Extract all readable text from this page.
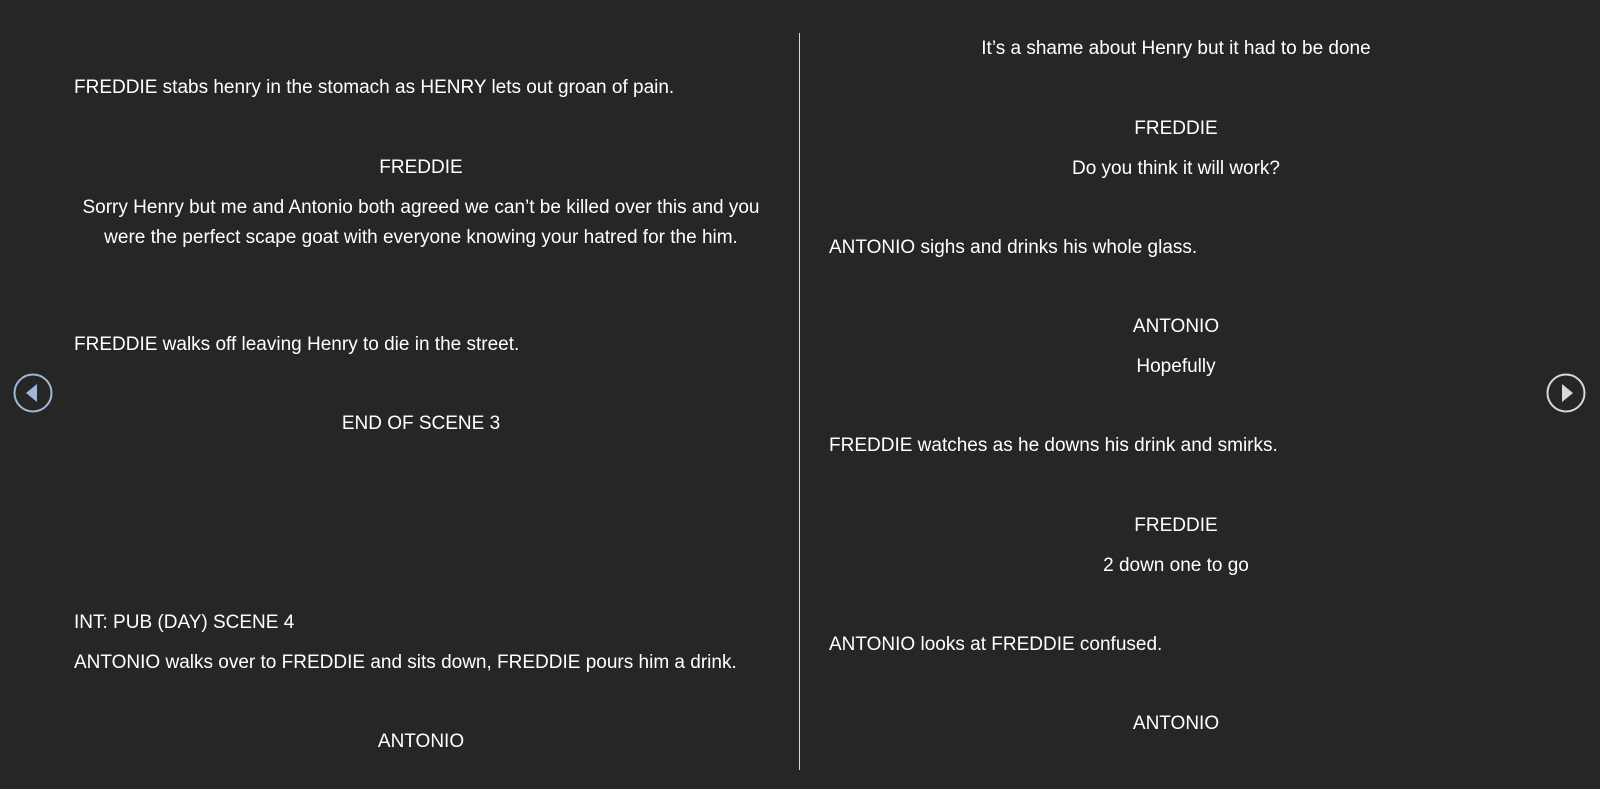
FREDDIE stabs henry in the stomach as HENRY lets out groan of pain.
FREDDIE
Sorry Henry but me and Antonio both agreed we can’t be killed over this and you were the perfect scape goat with everyone knowing your hatred for the him.
FREDDIE walks off leaving Henry to die in the street.
END OF SCENE 3
INT: PUB (DAY) SCENE 4
ANTONIO walks over to FREDDIE and sits down, FREDDIE pours him a drink.
ANTONIO
It’s a shame about Henry but it had to be done
FREDDIE
Do you think it will work?
ANTONIO sighs and drinks his whole glass.
ANTONIO
Hopefully
FREDDIE watches as he downs his drink and smirks.
FREDDIE
2 down one to go
ANTONIO looks at FREDDIE confused.
ANTONIO
